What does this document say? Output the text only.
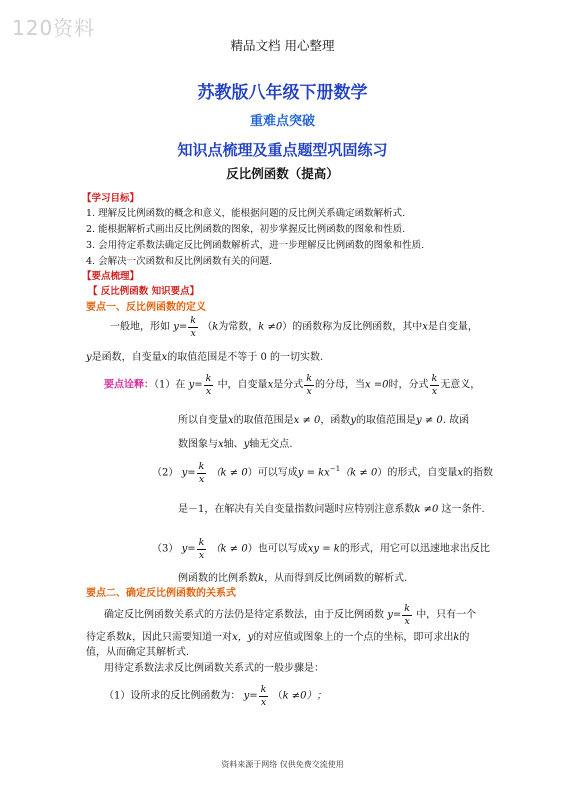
120资料
精品文档 用心整理
苏教版八年级下册数学
重难点突破
知识点梳理及重点题型巩固练习
反比例函数（提高）
【学习目标】
1. 理解反比例函数的概念和意义，能根据问题的反比例关系确定函数解析式.
2. 能根据解析式画出反比例函数的图象，初步掌握反比例函数的图象和性质.
3. 会用待定系数法确定反比例函数解析式，进一步理解反比例函数的图象和性质.
4. 会解决一次函数和反比例函数有关的问题.
【要点梳理】
【 反比例函数 知识要点】
要点一、反比例函数的定义
一般地，形如 $y= \frac{k}{x} (k$为常数，k ≠0）的函数称为反比例函数，其中x是自变量，
y是函数，自变量x的取值范围是不等于 0 的一切实数.
要点诠释：（1）在 $y= \frac{k}{x}$ 中，自变量x是分式 $\frac{k}{x}$ 的分母，当x =0时，分式 $\frac{k}{x}$ 无意义，
所以自变量x的取值范围是x ≠ 0，函数y的取值范围是y ≠ 0. 故函
数图象与x轴、y轴无交点.
（2） $y= \frac{k}{x} (k \ne 0)$可以写成$y = kx^{-1}(k \ne 0)$的形式，自变量x的指数
是－1，在解决有关自变量指数问题时应特别注意系数k ≠0 这一条件.
（3） $y= \frac{k}{x} (k \ne 0)$也可以写成xy = k的形式，用它可以迅速地求出反比
例函数的比例系数k，从而得到反比例函数的解析式.
要点二、确定反比例函数的关系式
确定反比例函数关系式的方法仍是待定系数法，由于反比例函数 $y= \frac{k}{x}$ 中，只有一个
待定系数k，因此只需要知道一对x，y的对应值或图象上的一个点的坐标，即可求出k的
值，从而确定其解析式.
用待定系数法求反比例函数关系式的一般步骤是：
（1）设所求的反比例函数为： $y= \frac{k}{x} (k \ne 0)$；
资料来源于网络 仅供免费交流使用
